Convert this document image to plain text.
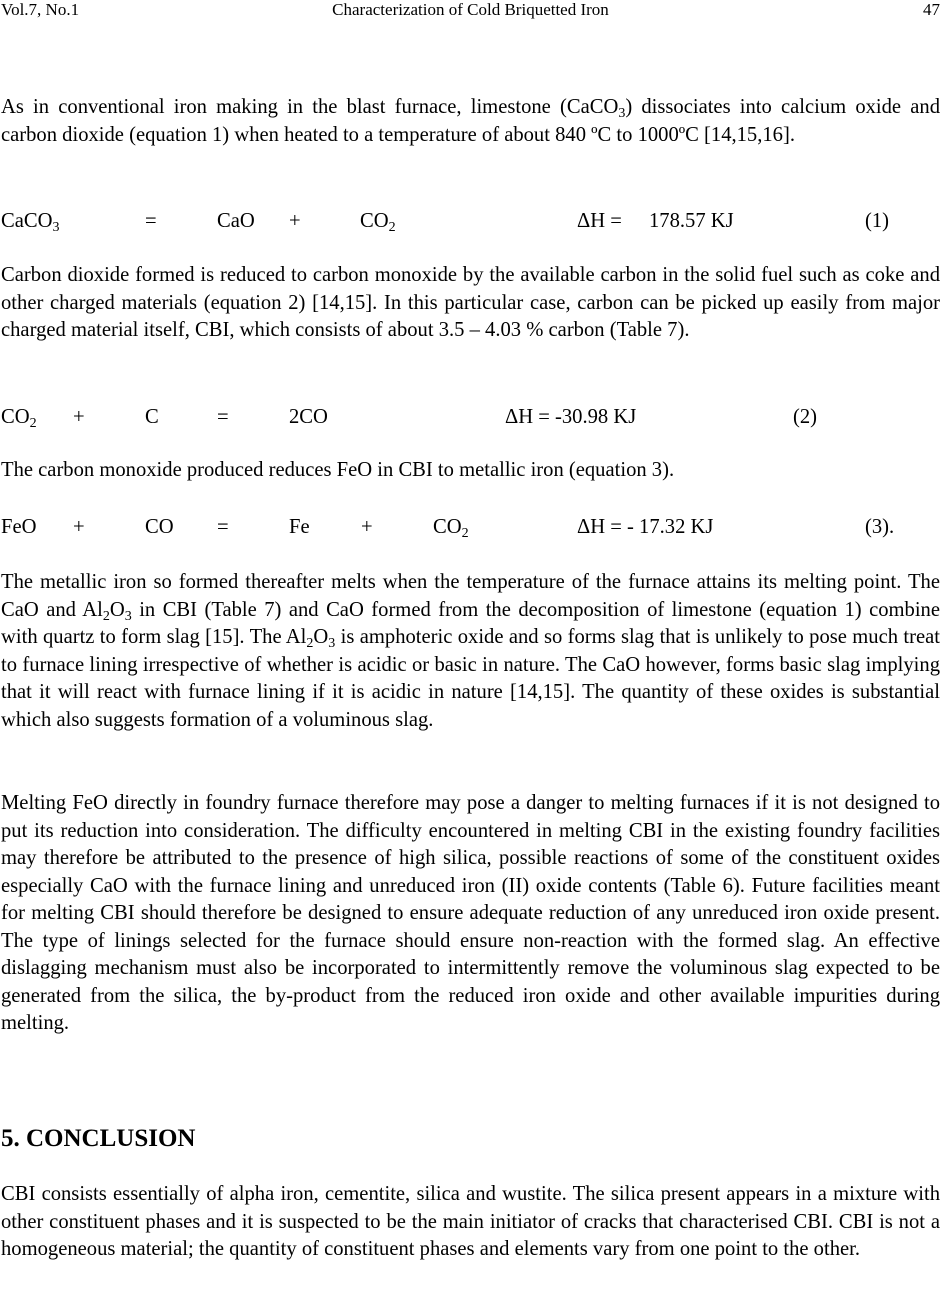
Vol.7, No.1	Characterization of Cold Briquetted Iron	47

As in conventional iron making in the blast furnace, limestone (CaCO$_3$) dissociates into calcium oxide and carbon dioxide (equation 1) when heated to a temperature of about 840 ºC to 1000ºC [14,15,16].

CaCO$_3$	=	CaO +	$CO_2$	ΔH = 178.57 KJ	(1)

Carbon dioxide formed is reduced to carbon monoxide by the available carbon in the solid fuel such as coke and other charged materials (equation 2) [14,15]. In this particular case, carbon can be picked up easily from major charged material itself, CBI, which consists of about 3.5 – 4.03 % carbon (Table 7).

$CO_2$ +	C	=	2CO	ΔH = -30.98 KJ	(2)

The carbon monoxide produced reduces FeO in CBI to metallic iron (equation 3).

FeO +	CO =	Fe +	$CO_2$	ΔH = - 17.32 KJ	(3).

The metallic iron so formed thereafter melts when the temperature of the furnace attains its melting point. The CaO and $Al_2O_3$ in CBI (Table 7) and CaO formed from the decomposition of limestone (equation 1) combine with quartz to form slag [15]. The $Al_2O_3$ is amphoteric oxide and so forms slag that is unlikely to pose much treat to furnace lining irrespective of whether is acidic or basic in nature. The CaO however, forms basic slag implying that it will react with furnace lining if it is acidic in nature [14,15]. The quantity of these oxides is substantial which also suggests formation of a voluminous slag.

Melting FeO directly in foundry furnace therefore may pose a danger to melting furnaces if it is not designed to put its reduction into consideration. The difficulty encountered in melting CBI in the existing foundry facilities may therefore be attributed to the presence of high silica, possible reactions of some of the constituent oxides especially CaO with the furnace lining and unreduced iron (II) oxide contents (Table 6). Future facilities meant for melting CBI should therefore be designed to ensure adequate reduction of any unreduced iron oxide present. The type of linings selected for the furnace should ensure non-reaction with the formed slag. An effective dislagging mechanism must also be incorporated to intermittently remove the voluminous slag expected to be generated from the silica, the by-product from the reduced iron oxide and other available impurities during melting.

5. CONCLUSION

CBI consists essentially of alpha iron, cementite, silica and wustite. The silica present appears in a mixture with other constituent phases and it is suspected to be the main initiator of cracks that characterised CBI. CBI is not a homogeneous material; the quantity of constituent phases and elements vary from one point to the other.
